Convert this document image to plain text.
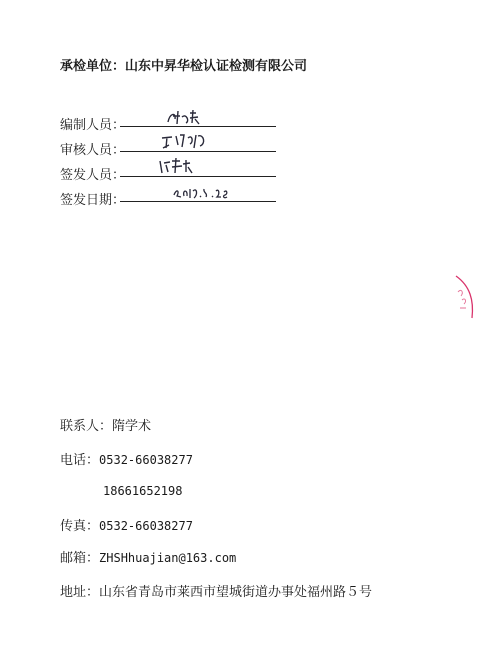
承检单位：山东中昇华检认证检测有限公司
编制人员：
审核人员：
签发人员：
签发日期：
联系人：隋学术
电话：0532-66038277
18661652198
传真：0532-66038277
邮箱：ZHSHhuajian@163.com
地址：山东省青岛市莱西市望城街道办事处福州路５号
